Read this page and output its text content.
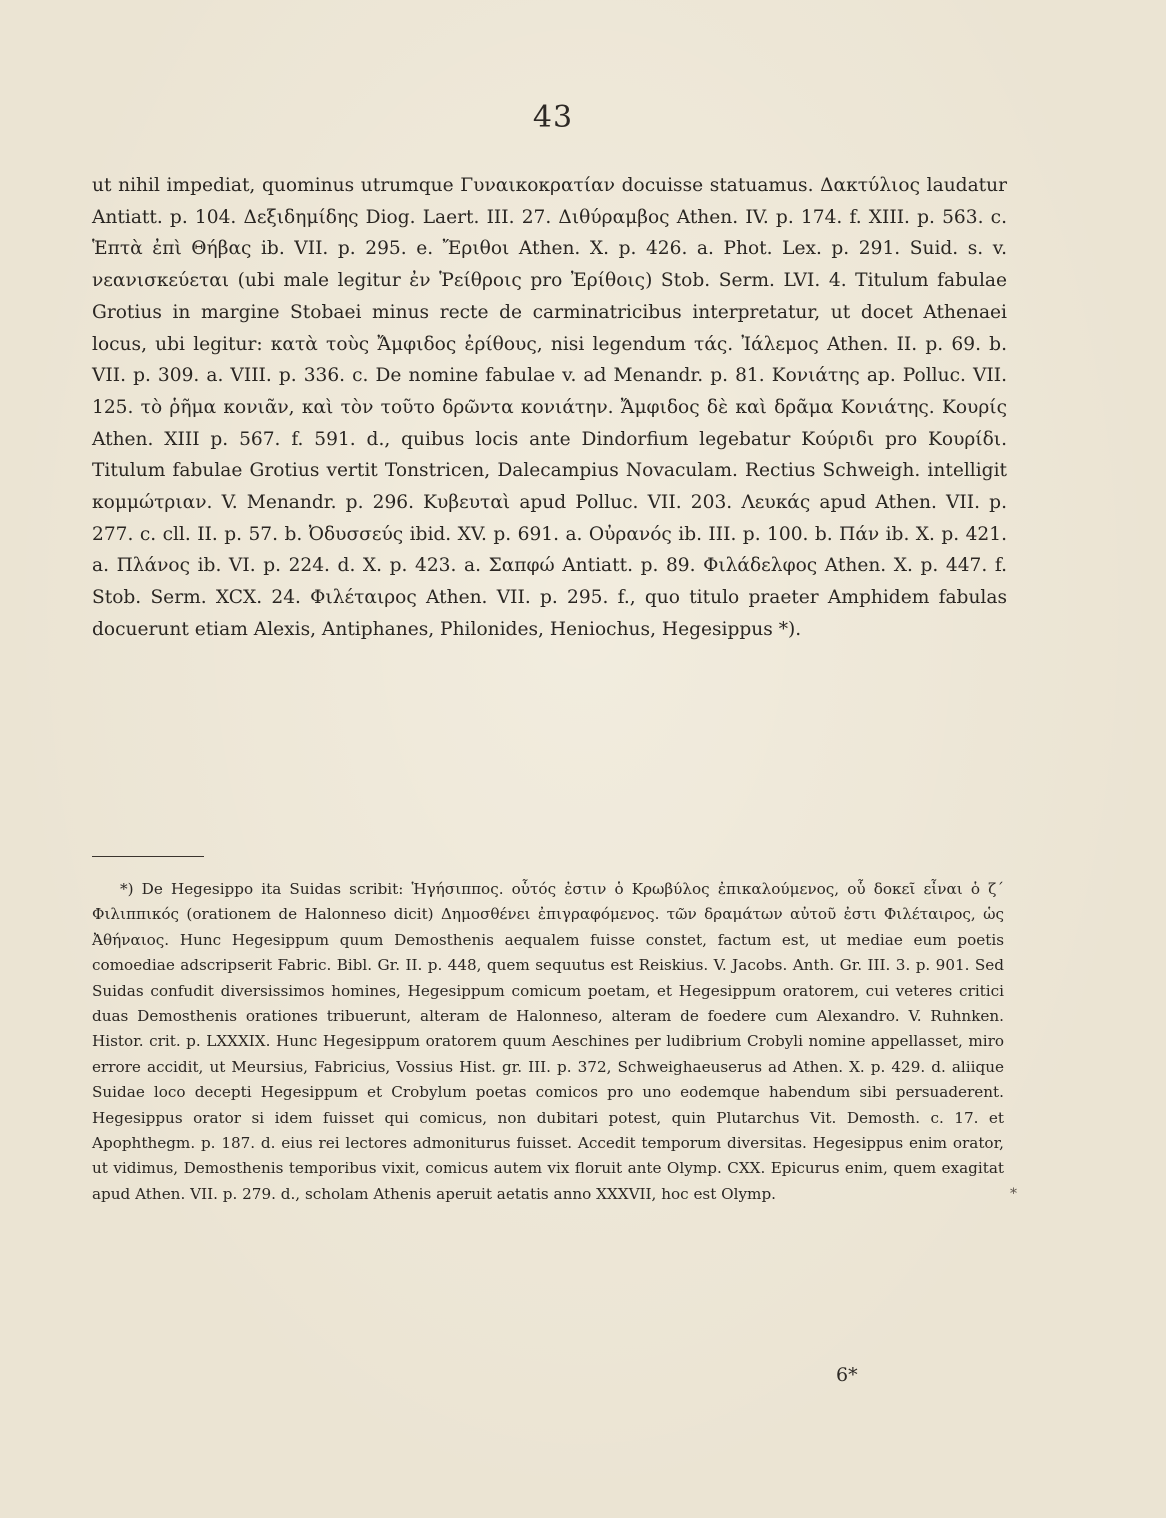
43

ut nihil impediat, quominus utrumque Γυναικοκρατίαν docuisse statuamus. Δακτύλιος laudatur Antiatt. p. 104. Δεξιδημίδης Diog. Laert. III. 27. Διθύραμβος Athen. IV. p. 174. f. XIII. p. 563. c. Ἑπτὰ ἐπὶ Θήβας ib. VII. p. 295. e. Ἔριθοι Athen. X. p. 426. a. Phot. Lex. p. 291. Suid. s. v. νεανισκεύεται (ubi male legitur ἐν Ῥείθροις pro Ἐρίθοις) Stob. Serm. LVI. 4. Titulum fabulae Grotius in margine Stobaei minus recte de carminatricibus interpretatur, ut docet Athenaei locus, ubi legitur: κατὰ τοὺς Ἄμφιδος ἐρίθους, nisi legendum τάς. Ἰάλεμος Athen. II. p. 69. b. VII. p. 309. a. VIII. p. 336. c. De nomine fabulae v. ad Menandr. p. 81. Κονιάτης ap. Polluc. VII. 125. τὸ ῥῆμα κονιᾶν, καὶ τὸν τοῦτο δρῶντα κονιάτην. Ἄμφιδος δὲ καὶ δρᾶμα Κονιάτης. Κουρίς Athen. XIII p. 567. f. 591. d., quibus locis ante Dindorfium legebatur Κούριδι pro Κουρίδι. Titulum fabulae Grotius vertit Tonstricen, Dalecampius Novaculam. Rectius Schweigh. intelligit κομμώτριαν. V. Menandr. p. 296. Κυβευταὶ apud Polluc. VII. 203. Λευκάς apud Athen. VII. p. 277. c. cll. II. p. 57. b. Ὀδυσσεύς ibid. XV. p. 691. a. Οὐρανός ib. III. p. 100. b. Πάν ib. X. p. 421. a. Πλάνος ib. VI. p. 224. d. X. p. 423. a. Σαπφώ Antiatt. p. 89. Φιλάδελφος Athen. X. p. 447. f. Stob. Serm. XCX. 24. Φιλέταιρος Athen. VII. p. 295. f., quo titulo praeter Amphidem fabulas docuerunt etiam Alexis, Antiphanes, Philonides, Heniochus, Hegesippus *).

*) De Hegesippo ita Suidas scribit: Ἡγήσιππος. οὗτός ἐστιν ὁ Κρωβύλος ἐπικαλούμενος, οὗ δοκεῖ εἶναι ὁ ζ´ Φιλιππικός (orationem de Halonneso dicit) Δημοσθένει ἐπιγραφόμενος. τῶν δραμάτων αὐτοῦ ἐστι Φιλέταιρος, ὡς Ἀθήναιος. Hunc Hegesippum quum Demosthenis aequalem fuisse constet, factum est, ut mediae eum poetis comoediae adscripserit Fabric. Bibl. Gr. II. p. 448, quem sequutus est Reiskius. V. Jacobs. Anth. Gr. III. 3. p. 901. Sed Suidas confudit diversissimos homines, Hegesippum comicum poetam, et Hegesippum oratorem, cui veteres critici duas Demosthenis orationes tribuerunt, alteram de Halonneso, alteram de foedere cum Alexandro. V. Ruhnken. Histor. crit. p. LXXXIX. Hunc Hegesippum oratorem quum Aeschines per ludibrium Crobyli nomine appellasset, miro errore accidit, ut Meursius, Fabricius, Vossius Hist. gr. III. p. 372, Schweighaeuserus ad Athen. X. p. 429. d. aliique Suidae loco decepti Hegesippum et Crobylum poetas comicos pro uno eodemque habendum sibi persuaderent. Hegesippus orator si idem fuisset qui comicus, non dubitari potest, quin Plutarchus Vit. Demosth. c. 17. et Apophthegm. p. 187. d. eius rei lectores admoniturus fuisset. Accedit temporum diversitas. Hegesippus enim orator, ut vidimus, Demosthenis temporibus vixit, comicus autem vix floruit ante Olymp. CXX. Epicurus enim, quem exagitat apud Athen. VII. p. 279. d., scholam Athenis aperuit aetatis anno XXXVII, hoc est Olymp.	*
6*
